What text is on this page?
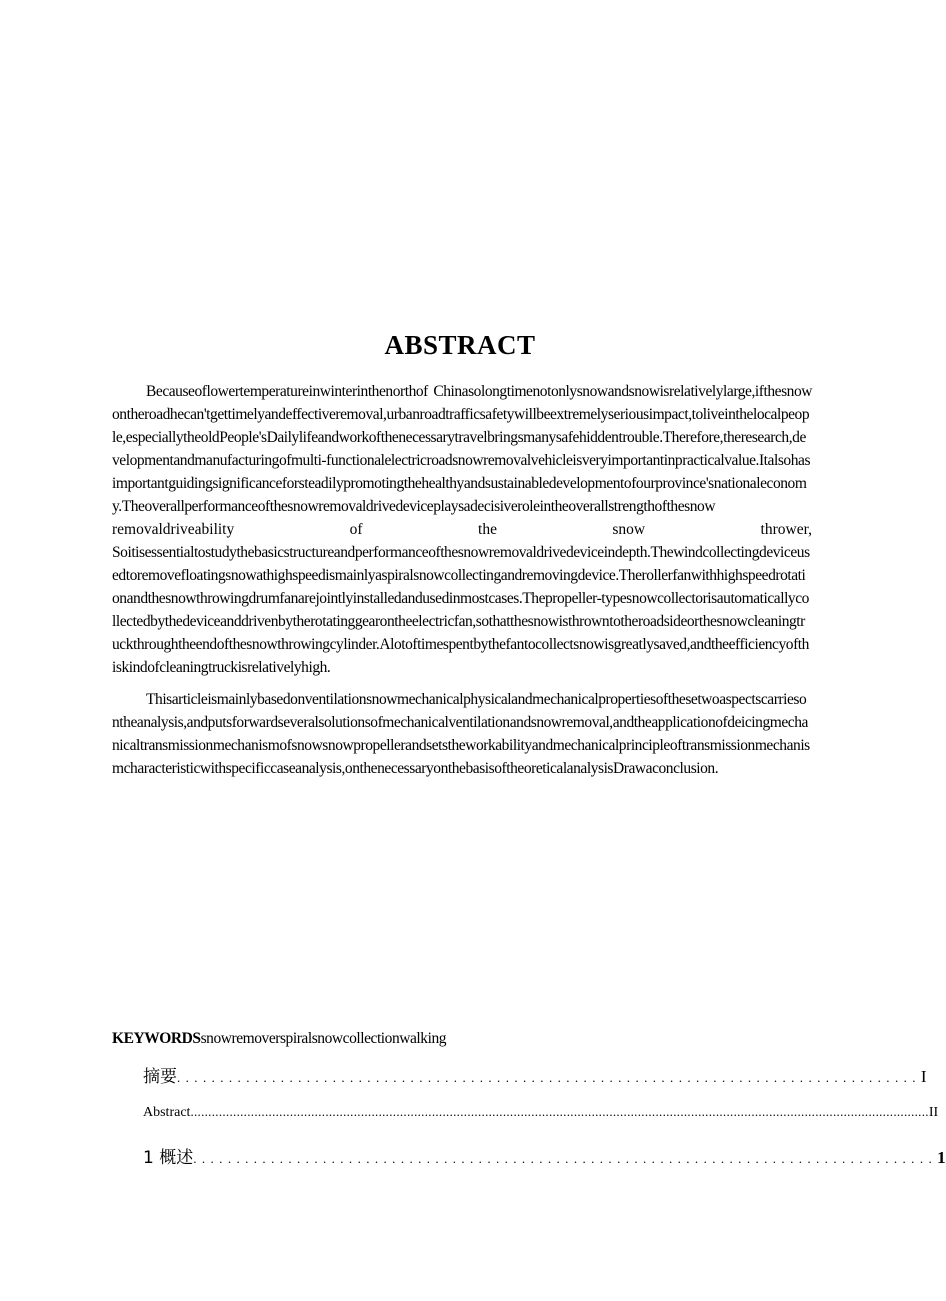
ABSTRACT

Becauseoflowertemperatureinwinterinthenorthof Chinasolongtimenotonlysnowandsnowisrelativelylarge,ifthesnowontheroadhecan'tgettimelyandeffectiveremoval,urbanroadtrafficsafetywillbeextremelyseriousimpact,toliveinthelocalpeople,especiallytheoldPeople'sDailylifeandworkofthenecessarytravelbringsmanysafehiddentrouble.Therefore,theresearch,developmentandmanufacturingofmulti-functionalelectricroadsnowremovalvehicleisveryimportantinpracticalvalue.Italsohasimportantguidingsignificanceforsteadilypromotingthehealthyandsustainabledevelopmentofourprovince'snationaleconomy.Theoverallperformanceofthesnowremovaldrivedeviceplaysadecisiveroleintheoverallstrengthofthesnow
removaldriveability of the snow thrower,
Soitisessentialtostudythebasicstructureandperformanceofthesnowremovaldrivedeviceindepth.Thewindcollectingdeviceusedtoremovefloatingsnowathighspeedismainlyaspiralsnowcollectingandremovingdevice.Therollerfanwithhighspeedrotationandthesnowthrowingdrumfanarejointlyinstalledandusedinmostcases.Thepropeller-typesnowcollectorisautomaticallycollectedbythedeviceanddrivenbytherotatinggearontheelectricfan,sothatthesnowisthrowntotheroadsideorthesnowcleaningtruckthroughtheendofthesnowthrowingcylinder.Alotoftimespentbythefantocollectsnowisgreatlysaved,andtheefficiencyofthiskindofcleaningtruckisrelativelyhigh.

Thisarticleismainlybasedonventilationsnowmechanicalphysicalandmechanicalpropertiesofthesetwoaspectscarriesontheanalysis,andputsforwardseveralsolutionsofmechanicalventilationandsnowremoval,andtheapplicationofdeicingmechanicaltransmissionmechanismofsnowsnowpropellerandsetstheworkabilityandmechanicalprincipleoftransmissionmechanismcharacteristicwithspecificcaseanalysis,onthenecessaryonthebasisoftheoreticalanalysisDrawaconclusion.

KEYWORDSsnowremoverspiralsnowcollectionwalking
摘要 ...................................................................................... I
Abstract ................................................................................................................................................................................................................ II
1 概述 ...................................................................................... 1
